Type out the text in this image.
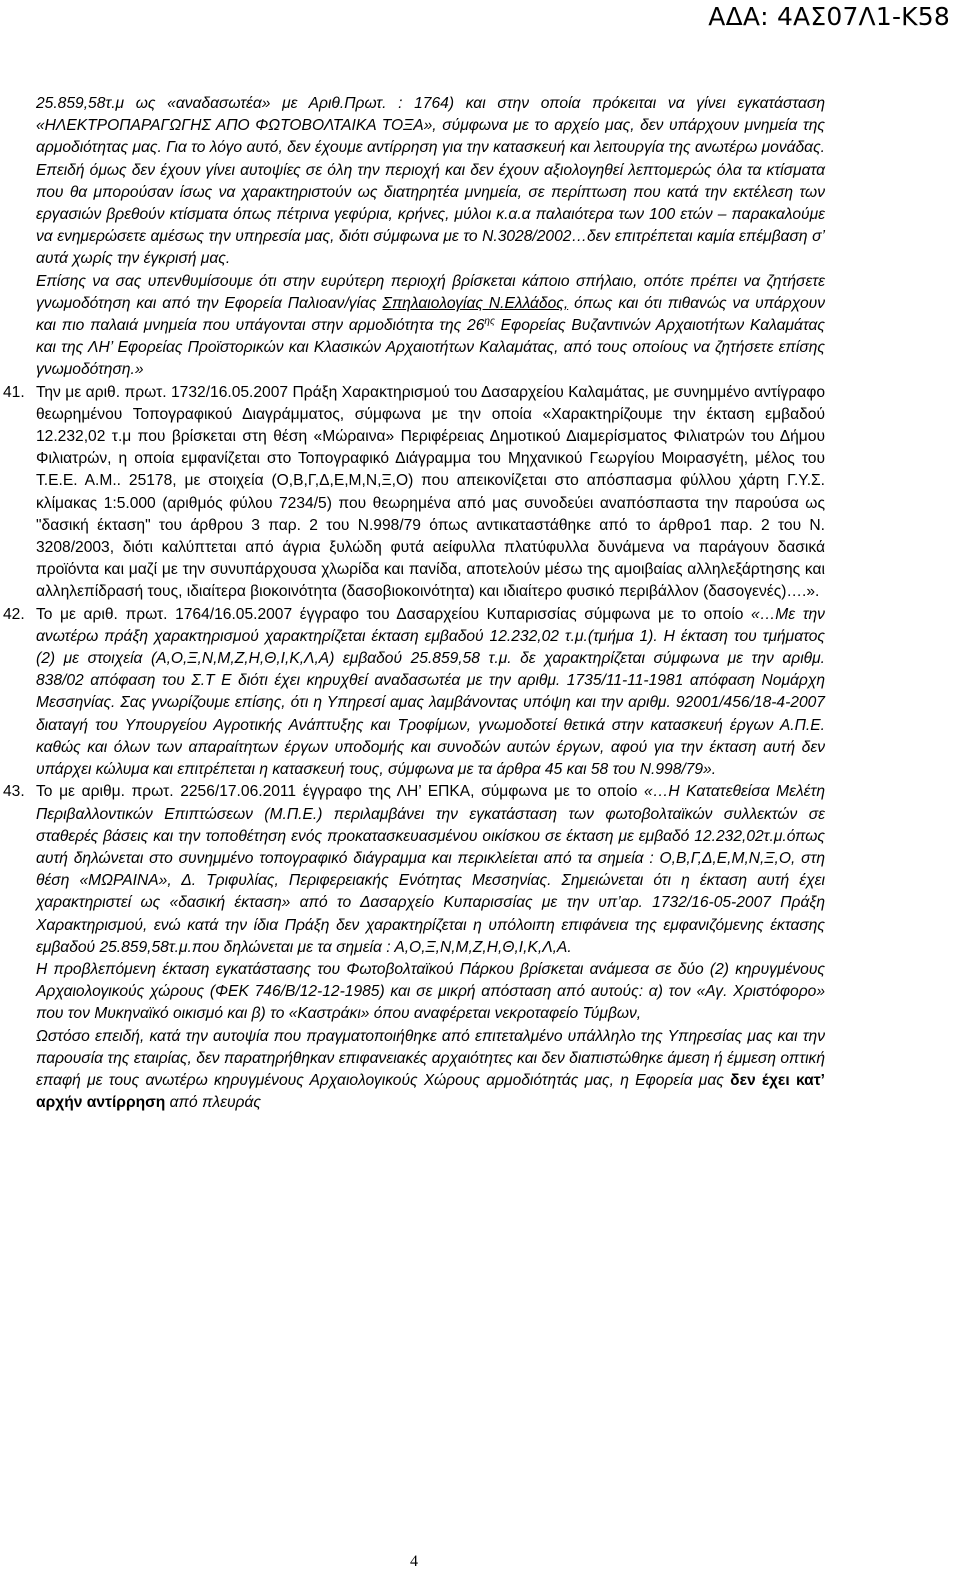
ΑΔΑ: 4ΑΣ07Λ1-Κ58

25.859,58τ.μ ως «αναδασωτέα» με Αριθ.Πρωτ. : 1764) και στην οποία πρόκειται να γίνει εγκατάσταση «ΗΛΕΚΤΡΟΠΑΡΑΓΩΓΗΣ ΑΠΟ ΦΩΤΟΒΟΛΤΑΙΚΑ ΤΟΞΑ», σύμφωνα με το αρχείο μας, δεν υπάρχουν μνημεία της αρμοδιότητας μας. Για το λόγο αυτό, δεν έχουμε αντίρρηση για την κατασκευή και λειτουργία της ανωτέρω μονάδας. Επειδή όμως δεν έχουν γίνει αυτοψίες σε όλη την περιοχή και δεν έχουν αξιολογηθεί λεπτομερώς όλα τα κτίσματα που θα μπορούσαν ίσως να χαρακτηριστούν ως διατηρητέα μνημεία, σε περίπτωση που κατά την εκτέλεση των εργασιών βρεθούν κτίσματα όπως πέτρινα γεφύρια, κρήνες, μύλοι κ.α.α παλαιότερα των 100 ετών – παρακαλούμε να ενημερώσετε αμέσως την υπηρεσία μας, διότι σύμφωνα με το Ν.3028/2002…δεν επιτρέπεται καμία επέμβαση σ’ αυτά χωρίς την έγκρισή μας.

Επίσης να σας υπενθυμίσουμε ότι στην ευρύτερη περιοχή βρίσκεται κάποιο σπήλαιο, οπότε πρέπει να ζητήσετε γνωμοδότηση και από την Εφορεία Παλιοαν/γίας Σπηλαιολογίας Ν.Ελλάδος, όπως και ότι πιθανώς να υπάρχουν και πιο παλαιά μνημεία που υπάγονται στην αρμοδιότητα της $26^{\eta\varsigma}$ Εφορείας Βυζαντινών Αρχαιοτήτων Καλαμάτας και της ΛΗ’ Εφορείας Προϊστορικών και Κλασικών Αρχαιοτήτων Καλαμάτας, από τους οποίους να ζητήσετε επίσης γνωμοδότηση.»

41. Την με αριθ. πρωτ. 1732/16.05.2007 Πράξη Χαρακτηρισμού του Δασαρχείου Καλαμάτας, με συνημμένο αντίγραφο θεωρημένου Τοπογραφικού Διαγράμματος, σύμφωνα με την οποία «Χαρακτηρίζουμε την έκταση εμβαδού 12.232,02 τ.μ που βρίσκεται στη θέση «Μώραινα» Περιφέρειας Δημοτικού Διαμερίσματος Φιλιατρών του Δήμου Φιλιατρών, η οποία εμφανίζεται στο Τοπογραφικό Διάγραμμα του Μηχανικού Γεωργίου Μοιρασγέτη, μέλος του Τ.Ε.Ε. Α.Μ.. 25178, με στοιχεία (Ο,Β,Γ,Δ,Ε,Μ,Ν,Ξ,Ο) που απεικονίζεται στο απόσπασμα φύλλου χάρτη Γ.Υ.Σ. κλίμακας 1:5.000 (αριθμός φύλου 7234/5) που θεωρημένα από μας συνοδεύει αναπόσπαστα την παρούσα ως "δασική έκταση" του άρθρου 3 παρ. 2 του Ν.998/79 όπως αντικαταστάθηκε από το άρθρο1 παρ. 2 του Ν. 3208/2003, διότι καλύπτεται από άγρια ξυλώδη φυτά αείφυλλα πλατύφυλλα δυνάμενα να παράγουν δασικά προϊόντα και μαζί με την συνυπάρχουσα χλωρίδα και πανίδα, αποτελούν μέσω της αμοιβαίας αλληλεξάρτησης και αλληλεπίδρασή τους, ιδιαίτερα βιοκοινότητα (δασοβιοκοινότητα) και ιδιαίτερο φυσικό περιβάλλον (δασογενές)….».

42. Το με αριθ. πρωτ. 1764/16.05.2007 έγγραφο του Δασαρχείου Κυπαρισσίας σύμφωνα με το οποίο «…Με την ανωτέρω πράξη χαρακτηρισμού χαρακτηρίζεται έκταση εμβαδού 12.232,02 τ.μ.(τμήμα 1). Η έκταση του τμήματος (2) με στοιχεία (Α,Ο,Ξ,Ν,Μ,Ζ,Η,Θ,Ι,Κ,Λ,Α) εμβαδού 25.859,58 τ.μ. δε χαρακτηρίζεται σύμφωνα με την αριθμ. 838/02 απόφαση του Σ.Τ Ε διότι έχει κηρυχθεί αναδασωτέα με την αριθμ. 1735/11-11-1981 απόφαση Νομάρχη Μεσσηνίας. Σας γνωρίζουμε επίσης, ότι η Υπηρεσί αμας λαμβάνοντας υπόψη και την αριθμ. 92001/456/18-4-2007 διαταγή του Υπουργείου Αγροτικής Ανάπτυξης και Τροφίμων, γνωμοδοτεί θετικά στην κατασκευή έργων Α.Π.Ε. καθώς και όλων των απαραίτητων έργων υποδομής και συνοδών αυτών έργων, αφού για την έκταση αυτή δεν υπάρχει κώλυμα και επιτρέπεται η κατασκευή τους, σύμφωνα με τα άρθρα 45 και 58 του Ν.998/79».

43. Το με αριθμ. πρωτ. 2256/17.06.2011 έγγραφο της ΛΗ’ ΕΠΚΑ, σύμφωνα με το οποίο «…Η Κατατεθείσα Μελέτη Περιβαλλοντικών Επιπτώσεων (Μ.Π.Ε.) περιλαμβάνει την εγκατάσταση των φωτοβολταϊκών συλλεκτών σε σταθερές βάσεις και την τοποθέτηση ενός προκατασκευασμένου οικίσκου σε έκταση με εμβαδό 12.232,02τ.μ.όπως αυτή δηλώνεται στο συνημμένο τοπογραφικό διάγραμμα και περικλείεται από τα σημεία : Ο,Β,Γ,Δ,Ε,Μ,Ν,Ξ,Ο, στη θέση «ΜΩΡΑΙΝΑ», Δ. Τριφυλίας, Περιφερειακής Ενότητας Μεσσηνίας. Σημειώνεται ότι η έκταση αυτή έχει χαρακτηριστεί ως «δασική έκταση» από το Δασαρχείο Κυπαρισσίας με την υπ’αρ. 1732/16-05-2007 Πράξη Χαρακτηρισμού, ενώ κατά την ίδια Πράξη δεν χαρακτηρίζεται η υπόλοιπη επιφάνεια της εμφανιζόμενης έκτασης εμβαδού 25.859,58τ.μ.που δηλώνεται με τα σημεία : Α,Ο,Ξ,Ν,Μ,Ζ,Η,Θ,Ι,Κ,Λ,Α.

Η προβλεπόμενη έκταση εγκατάστασης του Φωτοβολταϊκού Πάρκου βρίσκεται ανάμεσα σε δύο (2) κηρυγμένους Αρχαιολογικούς χώρους (ΦΕΚ 746/Β/12-12-1985) και σε μικρή απόσταση από αυτούς: α) τον «Αγ. Χριστόφορο» που τον Μυκηναϊκό οικισμό και β) το «Καστράκι» όπου αναφέρεται νεκροταφείο Τύμβων,

Ωστόσο επειδή, κατά την αυτοψία που πραγματοποιήθηκε από επιτεταλμένο υπάλληλο της Υπηρεσίας μας και την παρουσία της εταιρίας, δεν παρατηρήθηκαν επιφανειακές αρχαιότητες και δεν διαπιστώθηκε άμεση ή έμμεση οπτική επαφή με τους ανωτέρω κηρυγμένους Αρχαιολογικούς Χώρους αρμοδιότητάς μας, η Εφορεία μας δεν έχει κατ’ αρχήν αντίρρηση από πλευράς

4
